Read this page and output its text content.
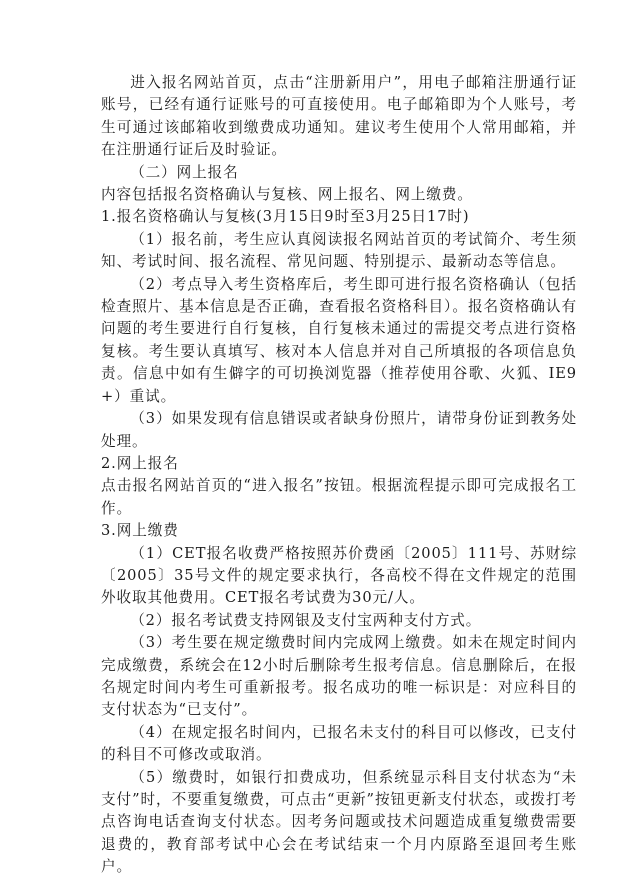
进入报名网站首页，点击“注册新用户”，用电子邮箱注册通行证账号，已经有通行证账号的可直接使用。电子邮箱即为个人账号，考生可通过该邮箱收到缴费成功通知。建议考生使用个人常用邮箱，并在注册通行证后及时验证。

（二）网上报名

内容包括报名资格确认与复核、网上报名、网上缴费。

1.报名资格确认与复核(3月15日9时至3月25日17时)

（1）报名前，考生应认真阅读报名网站首页的考试简介、考生须知、考试时间、报名流程、常见问题、特别提示、最新动态等信息。

（2）考点导入考生资格库后，考生即可进行报名资格确认（包括检查照片、基本信息是否正确，查看报名资格科目）。报名资格确认有问题的考生要进行自行复核，自行复核未通过的需提交考点进行资格复核。考生要认真填写、核对本人信息并对自己所填报的各项信息负责。信息中如有生僻字的可切换浏览器（推荐使用谷歌、火狐、IE9+）重试。

（3）如果发现有信息错误或者缺身份照片，请带身份证到教务处处理。

2.网上报名

点击报名网站首页的“进入报名”按钮。根据流程提示即可完成报名工作。

3.网上缴费

（1）CET报名收费严格按照苏价费函〔2005〕111号、苏财综〔2005〕35号文件的规定要求执行，各高校不得在文件规定的范围外收取其他费用。CET报名考试费为30元/人。

（2）报名考试费支持网银及支付宝两种支付方式。

（3）考生要在规定缴费时间内完成网上缴费。如未在规定时间内完成缴费，系统会在12小时后删除考生报考信息。信息删除后，在报名规定时间内考生可重新报考。报名成功的唯一标识是：对应科目的支付状态为“已支付”。

（4）在规定报名时间内，已报名未支付的科目可以修改，已支付的科目不可修改或取消。

（5）缴费时，如银行扣费成功，但系统显示科目支付状态为“未支付”时，不要重复缴费，可点击“更新”按钮更新支付状态，或拨打考点咨询电话查询支付状态。因考务问题或技术问题造成重复缴费需要退费的，教育部考试中心会在考试结束一个月内原路至退回考生账户。
